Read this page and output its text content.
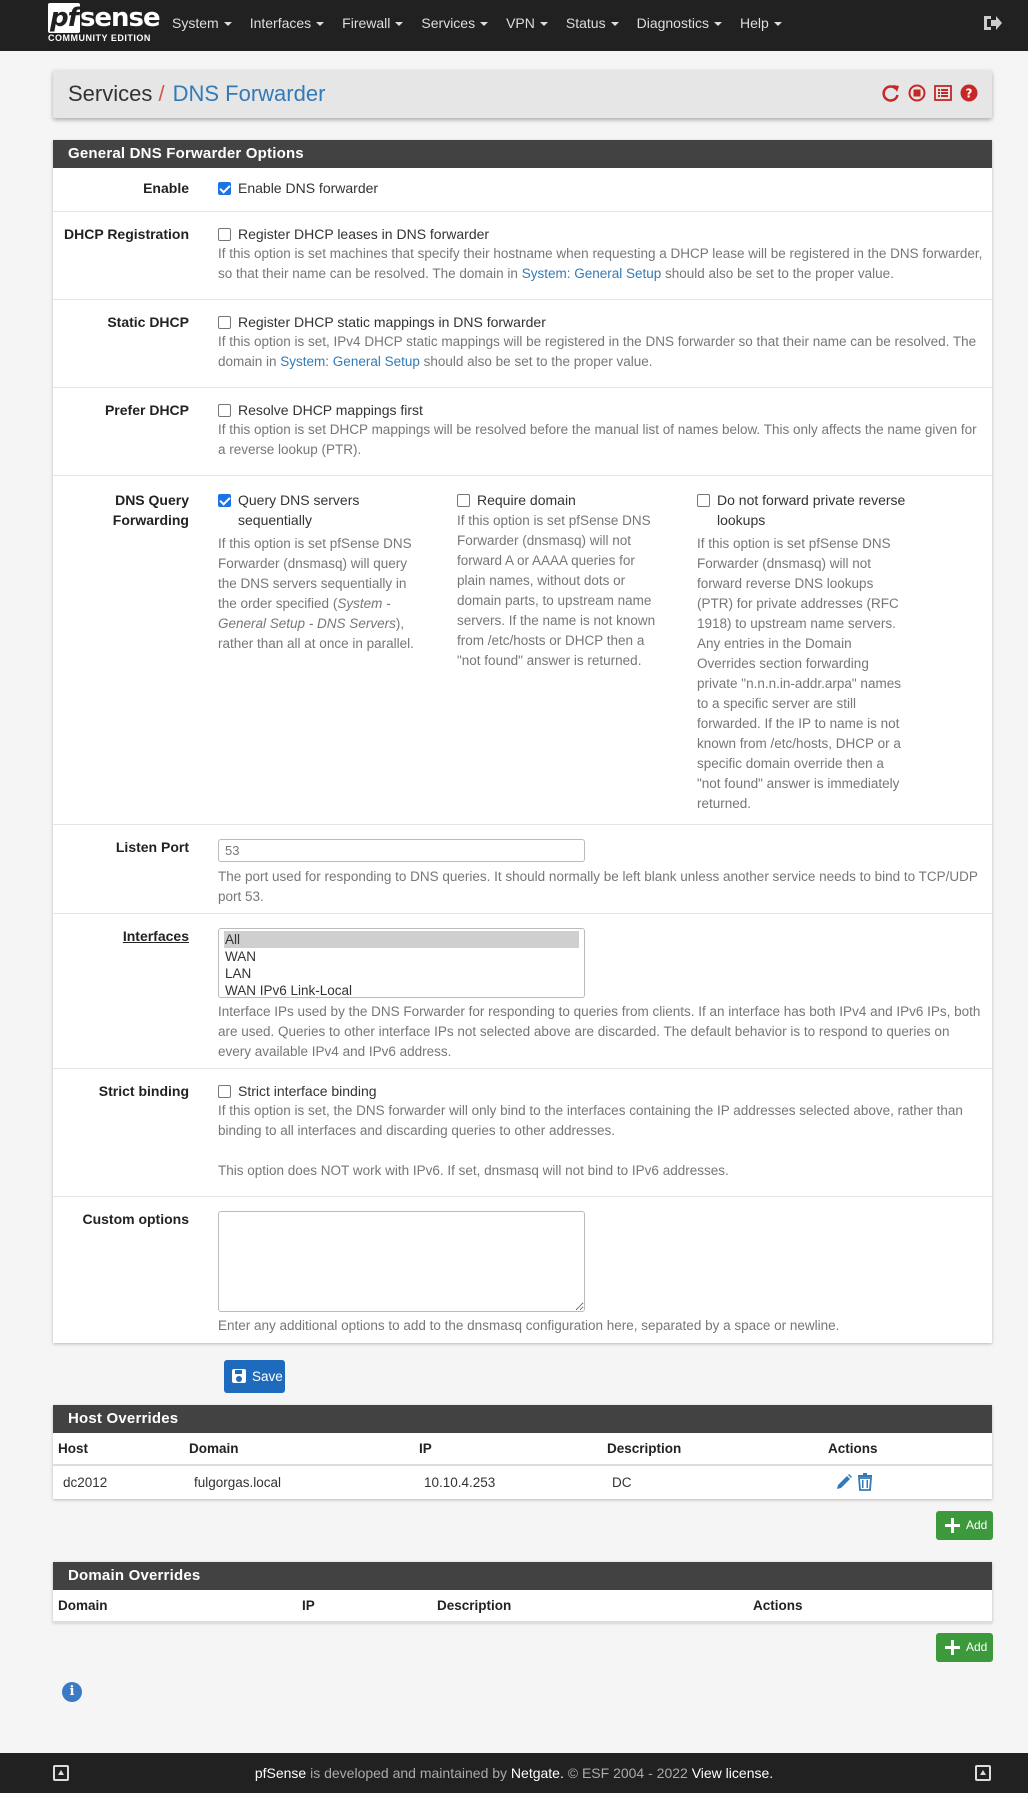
pfsense
COMMUNITY EDITION
System	Interfaces	Firewall	Services	VPN	Status	Diagnostics	Help
Services / DNS Forwarder	?
General DNS Forwarder Options
Enable	Enable DNS forwarder
DHCP Registration	Register DHCP leases in DNS forwarder
If this option is set machines that specify their hostname when requesting a DHCP lease will be registered in the DNS forwarder, so that their name can be resolved. The domain in System: General Setup should also be set to the proper value.
Static DHCP	Register DHCP static mappings in DNS forwarder
If this option is set, IPv4 DHCP static mappings will be registered in the DNS forwarder so that their name can be resolved. The domain in System: General Setup should also be set to the proper value.
Prefer DHCP	Resolve DHCP mappings first
If this option is set DHCP mappings will be resolved before the manual list of names below. This only affects the name given for a reverse lookup (PTR).
DNS Query
Forwarding
Query DNS servers sequentially
If this option is set pfSense DNS Forwarder (dnsmasq) will query the DNS servers sequentially in the order specified (System - General Setup - DNS Servers), rather than all at once in parallel.
Require domain
If this option is set pfSense DNS Forwarder (dnsmasq) will not forward A or AAAA queries for plain names, without dots or domain parts, to upstream name servers. If the name is not known from /etc/hosts or DHCP then a "not found" answer is returned.
Do not forward private reverse lookups
If this option is set pfSense DNS Forwarder (dnsmasq) will not forward reverse DNS lookups (PTR) for private addresses (RFC 1918) to upstream name servers. Any entries in the Domain Overrides section forwarding private "n.n.n.in-addr.arpa" names to a specific server are still forwarded. If the IP to name is not known from /etc/hosts, DHCP or a specific domain override then a "not found" answer is immediately returned.
Listen Port
53
The port used for responding to DNS queries. It should normally be left blank unless another service needs to bind to TCP/UDP port 53.
Interfaces	All
WAN
LAN
WAN IPv6 Link-Local
Interface IPs used by the DNS Forwarder for responding to queries from clients. If an interface has both IPv4 and IPv6 IPs, both are used. Queries to other interface IPs not selected above are discarded. The default behavior is to respond to queries on every available IPv4 and IPv6 address.
Strict binding	Strict interface binding
If this option is set, the DNS forwarder will only bind to the interfaces containing the IP addresses selected above, rather than binding to all interfaces and discarding queries to other addresses.
This option does NOT work with IPv6. If set, dnsmasq will not bind to IPv6 addresses.
Custom options
Enter any additional options to add to the dnsmasq configuration here, separated by a space or newline.
Save
Host Overrides
Host	Domain	IP	Description	Actions
dc2012	fulgorgas.local	10.10.4.253	DC	
Add
Domain Overrides
Domain	IP	Description	Actions
Add
i
pfSense is developed and maintained by Netgate. © ESF 2004 - 2022 View license.
